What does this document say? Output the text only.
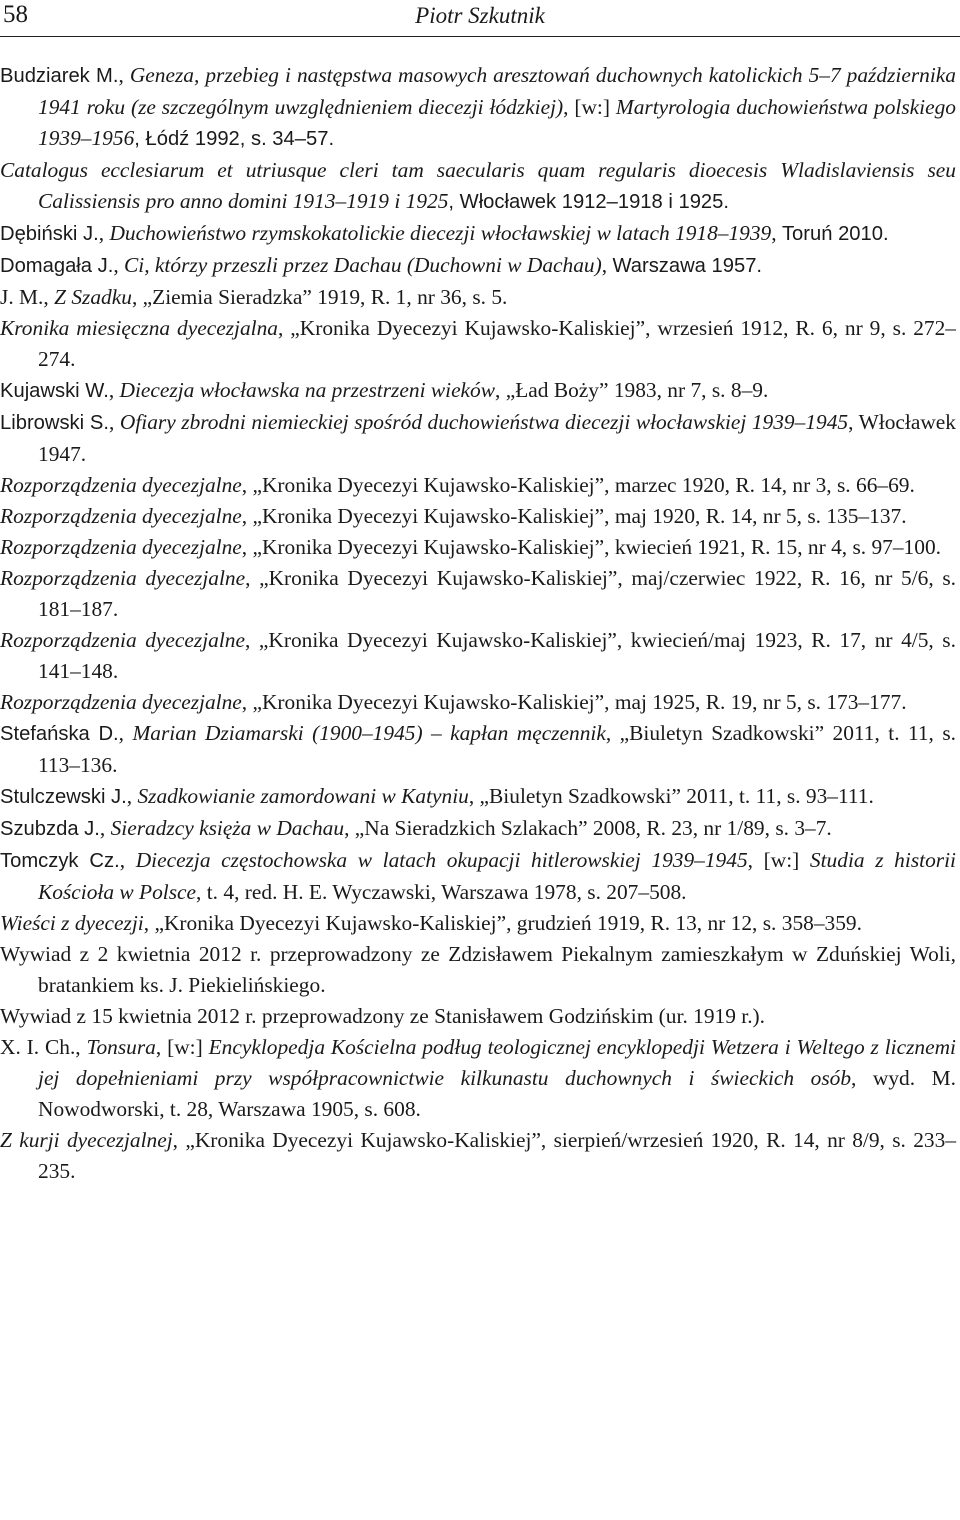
58	Piotr Szkutnik

Budziarek M., Geneza, przebieg i następstwa masowych aresztowań duchownych katolickich 5–7 października 1941 roku (ze szczególnym uwzględnieniem diecezji łódzkiej), [w:] Martyrologia duchowieństwa polskiego 1939–1956, Łódź 1992, s. 34–57.

Catalogus ecclesiarum et utriusque cleri tam saecularis quam regularis dioecesis Wladislaviensis seu Calissiensis pro anno domini 1913–1919 i 1925, Włocławek 1912–1918 i 1925.

Dębiński J., Duchowieństwo rzymskokatolickie diecezji włocławskiej w latach 1918–1939, Toruń 2010.

Domagała J., Ci, którzy przeszli przez Dachau (Duchowni w Dachau), Warszawa 1957.

J. M., Z Szadku, „Ziemia Sieradzka” 1919, R. 1, nr 36, s. 5.

Kronika miesięczna dyecezjalna, „Kronika Dyecezyi Kujawsko-Kaliskiej”, wrzesień 1912, R. 6, nr 9, s. 272–274.

Kujawski W., Diecezja włocławska na przestrzeni wieków, „Ład Boży” 1983, nr 7, s. 8–9.

Librowski S., Ofiary zbrodni niemieckiej spośród duchowieństwa diecezji włocławskiej 1939–1945, Włocławek 1947.

Rozporządzenia dyecezjalne, „Kronika Dyecezyi Kujawsko-Kaliskiej”, marzec 1920, R. 14, nr 3, s. 66–69.

Rozporządzenia dyecezjalne, „Kronika Dyecezyi Kujawsko-Kaliskiej”, maj 1920, R. 14, nr 5, s. 135–137.

Rozporządzenia dyecezjalne, „Kronika Dyecezyi Kujawsko-Kaliskiej”, kwiecień 1921, R. 15, nr 4, s. 97–100.

Rozporządzenia dyecezjalne, „Kronika Dyecezyi Kujawsko-Kaliskiej”, maj/czerwiec 1922, R. 16, nr 5/6, s. 181–187.

Rozporządzenia dyecezjalne, „Kronika Dyecezyi Kujawsko-Kaliskiej”, kwiecień/maj 1923, R. 17, nr 4/5, s. 141–148.

Rozporządzenia dyecezjalne, „Kronika Dyecezyi Kujawsko-Kaliskiej”, maj 1925, R. 19, nr 5, s. 173–177.

Stefańska D., Marian Dziamarski (1900–1945) – kapłan męczennik, „Biuletyn Szadkowski” 2011, t. 11, s. 113–136.

Stulczewski J., Szadkowianie zamordowani w Katyniu, „Biuletyn Szadkowski” 2011, t. 11, s. 93–111.

Szubzda J., Sieradzcy księża w Dachau, „Na Sieradzkich Szlakach” 2008, R. 23, nr 1/89, s. 3–7.

Tomczyk Cz., Diecezja częstochowska w latach okupacji hitlerowskiej 1939–1945, [w:] Studia z historii Kościoła w Polsce, t. 4, red. H. E. Wyczawski, Warszawa 1978, s. 207–508.

Wieści z dyecezji, „Kronika Dyecezyi Kujawsko-Kaliskiej”, grudzień 1919, R. 13, nr 12, s. 358–359.

Wywiad z 2 kwietnia 2012 r. przeprowadzony ze Zdzisławem Piekalnym zamieszkałym w Zduńskiej Woli, bratankiem ks. J. Piekielińskiego.

Wywiad z 15 kwietnia 2012 r. przeprowadzony ze Stanisławem Godzińskim (ur. 1919 r.).

X. I. Ch., Tonsura, [w:] Encyklopedja Kościelna podług teologicznej encyklopedji Wetzera i Weltego z licznemi jej dopełnieniami przy współpracownictwie kilkunastu duchownych i świeckich osób, wyd. M. Nowodworski, t. 28, Warszawa 1905, s. 608.

Z kurji dyecezjalnej, „Kronika Dyecezyi Kujawsko-Kaliskiej”, sierpień/wrzesień 1920, R. 14, nr 8/9, s. 233–235.
